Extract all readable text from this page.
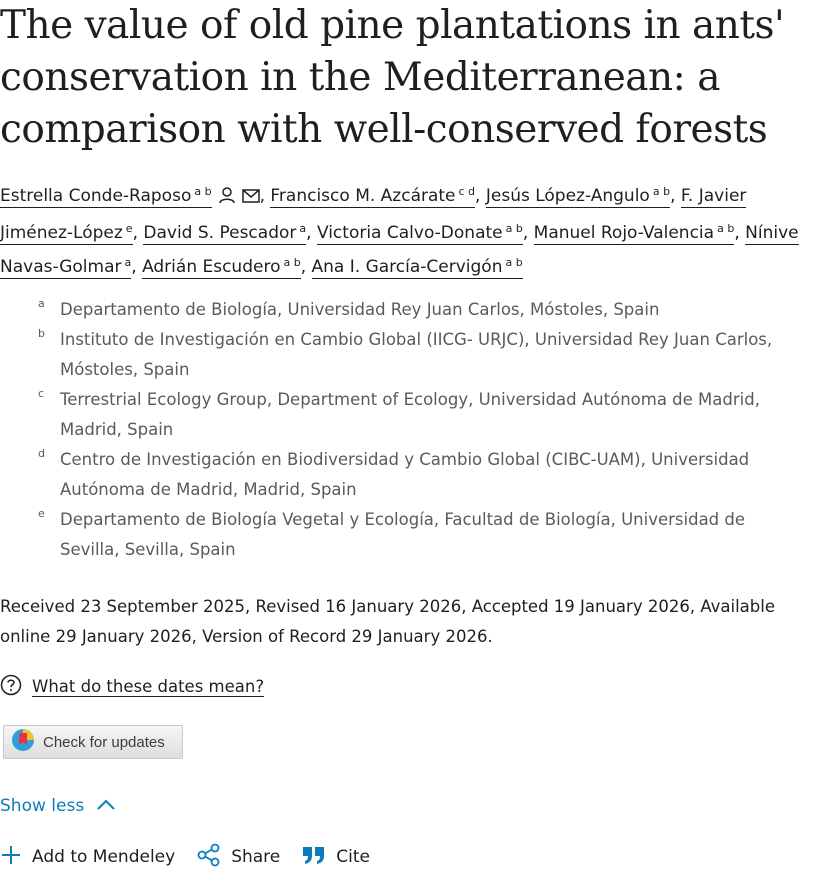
The value of old pine plantations in ants' conservation in the Mediterranean: a comparison with well-conserved forests
Estrella Conde-Raposo $^{a b}$	, Francisco M. Azcárate $^{c d}$, Jesús López-Angulo $^{a b}$, F. Javier Jiménez-López $^e$, David S. Pescador $^a$, Victoria Calvo-Donate $^{a b}$, Manuel Rojo-Valencia $^{a b}$, Nínive Navas-Golmar $^a$, Adrián Escudero $^{a b}$, Ana I. García-Cervigón $^{a b}$
a Departamento de Biología, Universidad Rey Juan Carlos, Móstoles, Spain
b Instituto de Investigación en Cambio Global (IICG- URJC), Universidad Rey Juan Carlos, Móstoles, Spain
c Terrestrial Ecology Group, Department of Ecology, Universidad Autónoma de Madrid, Madrid, Spain
d Centro de Investigación en Biodiversidad y Cambio Global (CIBC-UAM), Universidad Autónoma de Madrid, Madrid, Spain
e Departamento de Biología Vegetal y Ecología, Facultad de Biología, Universidad de Sevilla, Sevilla, Spain
Received 23 September 2025, Revised 16 January 2026, Accepted 19 January 2026, Available online 29 January 2026, Version of Record 29 January 2026.
What do these dates mean?
Check for updates
Show less
Add to Mendeley	Share	Cite
